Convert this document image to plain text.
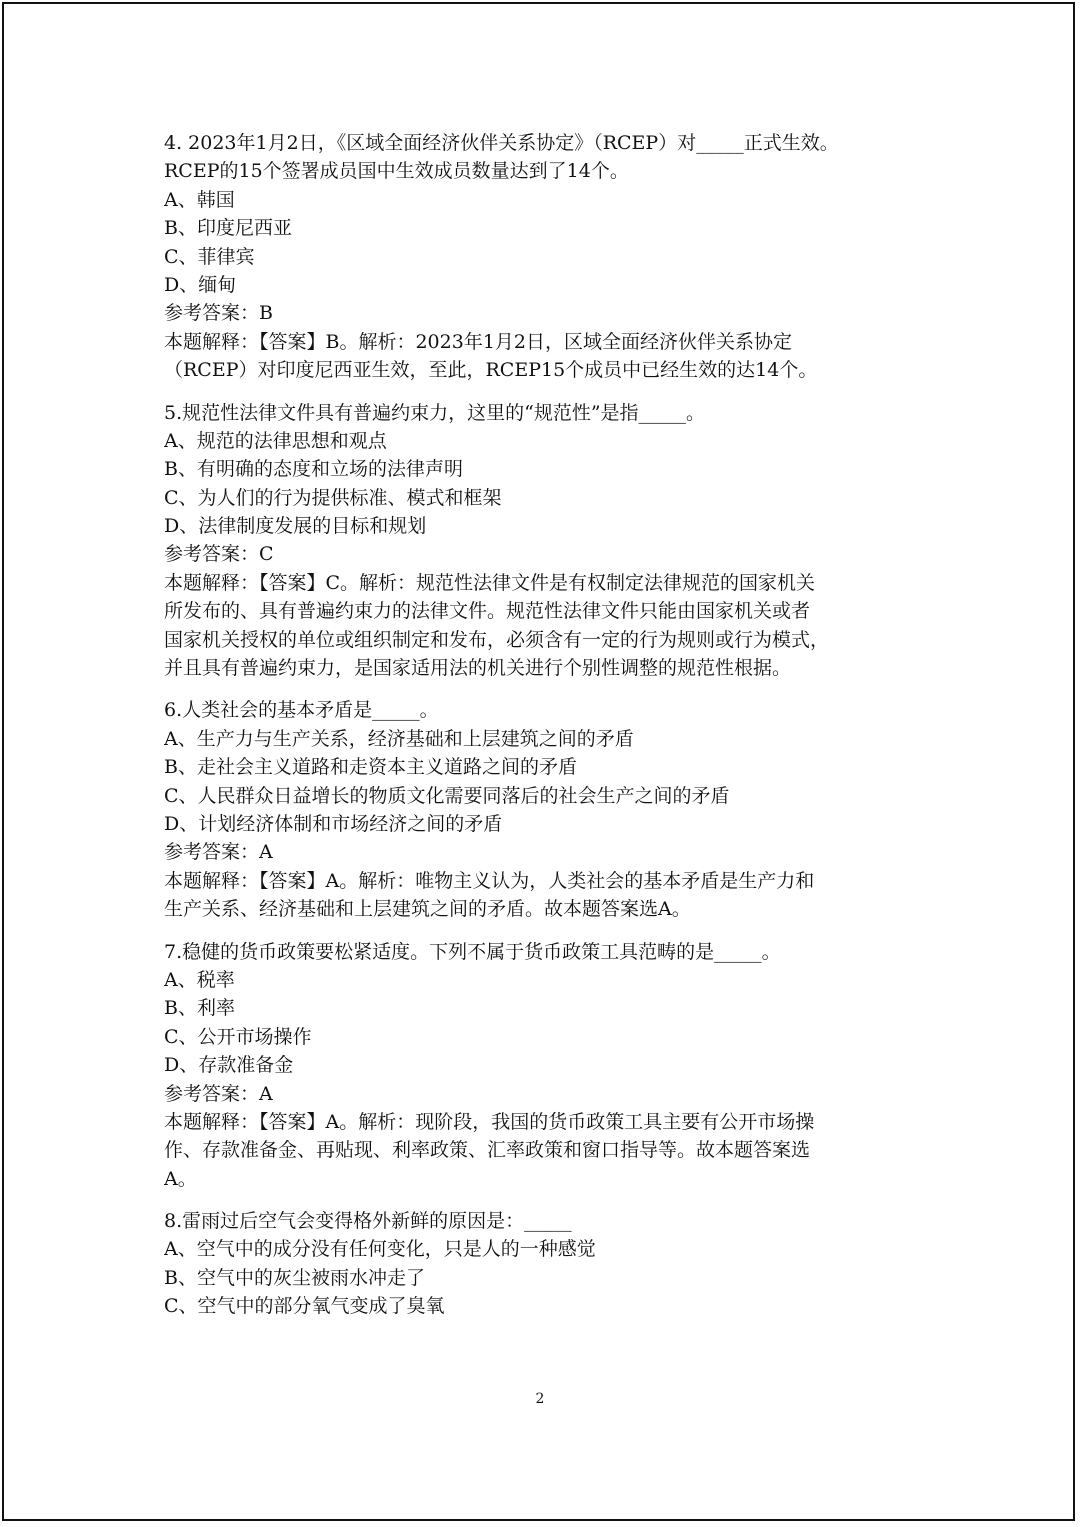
4. 2023年1月2日，《区域全面经济伙伴关系协定》（RCEP）对_____正式生效。
RCEP的15个签署成员国中生效成员数量达到了14个。
A、韩国
B、印度尼西亚
C、菲律宾
D、缅甸
参考答案：B
本题解释：【答案】B。解析：2023年1月2日，区域全面经济伙伴关系协定
（RCEP）对印度尼西亚生效，至此，RCEP15个成员中已经生效的达14个。
5.规范性法律文件具有普遍约束力，这里的“规范性”是指_____。
A、规范的法律思想和观点
B、有明确的态度和立场的法律声明
C、为人们的行为提供标准、模式和框架
D、法律制度发展的目标和规划
参考答案：C
本题解释：【答案】C。解析：规范性法律文件是有权制定法律规范的国家机关
所发布的、具有普遍约束力的法律文件。规范性法律文件只能由国家机关或者
国家机关授权的单位或组织制定和发布，必须含有一定的行为规则或行为模式，
并且具有普遍约束力，是国家适用法的机关进行个别性调整的规范性根据。
6.人类社会的基本矛盾是_____。
A、生产力与生产关系，经济基础和上层建筑之间的矛盾
B、走社会主义道路和走资本主义道路之间的矛盾
C、人民群众日益增长的物质文化需要同落后的社会生产之间的矛盾
D、计划经济体制和市场经济之间的矛盾
参考答案：A
本题解释：【答案】A。解析：唯物主义认为，人类社会的基本矛盾是生产力和
生产关系、经济基础和上层建筑之间的矛盾。故本题答案选A。
7.稳健的货币政策要松紧适度。下列不属于货币政策工具范畴的是_____。
A、税率
B、利率
C、公开市场操作
D、存款准备金
参考答案：A
本题解释：【答案】A。解析：现阶段，我国的货币政策工具主要有公开市场操
作、存款准备金、再贴现、利率政策、汇率政策和窗口指导等。故本题答案选
A。
8.雷雨过后空气会变得格外新鲜的原因是：_____
A、空气中的成分没有任何变化，只是人的一种感觉
B、空气中的灰尘被雨水冲走了
C、空气中的部分氧气变成了臭氧
2
